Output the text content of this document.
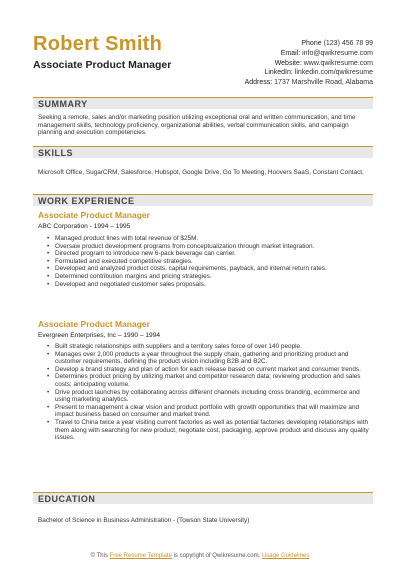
Robert Smith
Associate Product Manager
Phone (123) 456 78 99
Email: info@qwikresume.com
Website: www.qwikresume.com
LinkedIn: linkedin.com/qwikresume
Address: 1737 Marshville Road, Alabama
SUMMARY
Seeking a remote, sales and/or marketing position utilizing exceptional oral and written communication, and time management skills, technology proficiency, organizational abilities, verbal communication skills, and campaign planning and execution competencies.
SKILLS
Microsoft Office, SugarCRM, Salesforce, Hubspot, Google Drive, Go To Meeting, Hoovers SaaS, Constant Contact.
WORK EXPERIENCE
Associate Product Manager
ABC Corporation - 1994 – 1995
• Managed product lines with total revenue of $25M.
• Oversaw product development programs from conceptualization through market integration.
• Directed program to introduce new 6-pack beverage can carrier.
• Formulated and executed competitive strategies.
• Developed and analyzed product costs, capital requirements, payback, and internal return rates.
• Determined contribution margins and pricing strategies.
• Developed and negotiated customer sales proposals.
Associate Product Manager
Evergreen Enterprises, Inc – 1990 – 1994
• Built strategic relationships with suppliers and a territory sales force of over 140 people.
• Manages over 2,000 products a year throughout the supply chain, gathering and prioritizing product and customer requirements, defining the product vision including B2B and B2C.
• Develop a brand strategy and plan of action for each release based on current market and consumer trends.
• Determines product pricing by utilizing market and competitor research data; reviewing production and sales costs; anticipating volume.
• Drive product launches by collaborating across different channels including cross branding, ecommerce and using marketing analytics.
• Present to management a clear vision and product portfolio with growth opportunities that will maximize and impact business based on consumer and market trend.
• Travel to China twice a year visiting current factories as well as potential factories developing relationships with them along with searching for new product, negotiate cost, packaging, approve product and discuss any quality issues.
EDUCATION
Bachelor of Science in Business Administration - (Towson State University)
© This Free Resume Template is copyright of Qwikresume.com. Usage Guidelines
